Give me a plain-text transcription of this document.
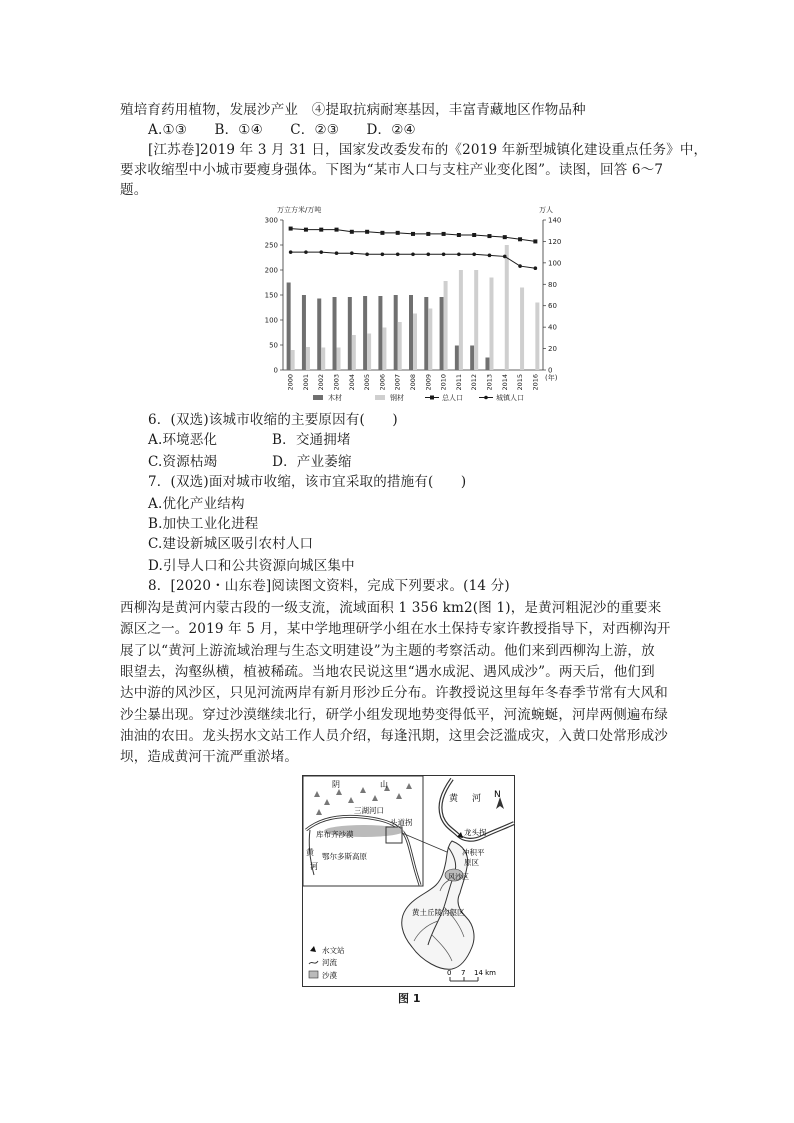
殖培育药用植物，发展沙产业　④提取抗病耐寒基因，丰富青藏地区作物品种
A.①③　　B．①④　　C．②③　　D．②④
[江苏卷]2019 年 3 月 31 日，国家发改委发布的《2019 年新型城镇化建设重点任务》中，
要求收缩型中小城市要瘦身强体。下图为“某市人口与支柱产业变化图”。读图，回答 6～7
题。
6．(双选)该城市收缩的主要原因有(　　)
A.环境恶化　　　　B．交通拥堵
C.资源枯竭　　　　D．产业萎缩
7．(双选)面对城市收缩，该市宜采取的措施有(　　)
A.优化产业结构
B.加快工业化进程
C.建设新城区吸引农村人口
D.引导人口和公共资源向城区集中
8．[2020・山东卷]阅读图文资料，完成下列要求。(14 分)
西柳沟是黄河内蒙古段的一级支流，流域面积 1 356 km2(图 1)，是黄河粗泥沙的重要来
源区之一。2019 年 5 月，某中学地理研学小组在水土保持专家许教授指导下，对西柳沟开
展了以“黄河上游流域治理与生态文明建设”为主题的考察活动。他们来到西柳沟上游，放
眼望去，沟壑纵横，植被稀疏。当地农民说这里“遇水成泥、遇风成沙”。两天后，他们到
达中游的风沙区，只见河流两岸有新月形沙丘分布。许教授说这里每年冬春季节常有大风和
沙尘暴出现。穿过沙漠继续北行，研学小组发现地势变得低平，河流蜿蜒，河岸两侧遍布绿
油油的农田。龙头拐水文站工作人员介绍，每逢汛期，这里会泛滥成灾，入黄口处常形成沙
坝，造成黄河干流严重淤堵。
0
50
100
150
200
250
300
0
20
40
60
80
100
120
140
万立方米/万吨	万人
2000 2001 2002 2003 2004 2005 2006 2007 2008 2009 2010 2011 2012 2013 2014 2015 2016 (年)
木材	钢材	总人口	城镇人口
阴	山
三湖河口
头道拐
库布齐沙漠
黄
河
鄂尔多斯高原
黄 河 N
龙头拐
冲积平
原区
风沙区
黄土丘陵沟壑区
水文站
河流
沙漠	0 7 14 km
图 1
